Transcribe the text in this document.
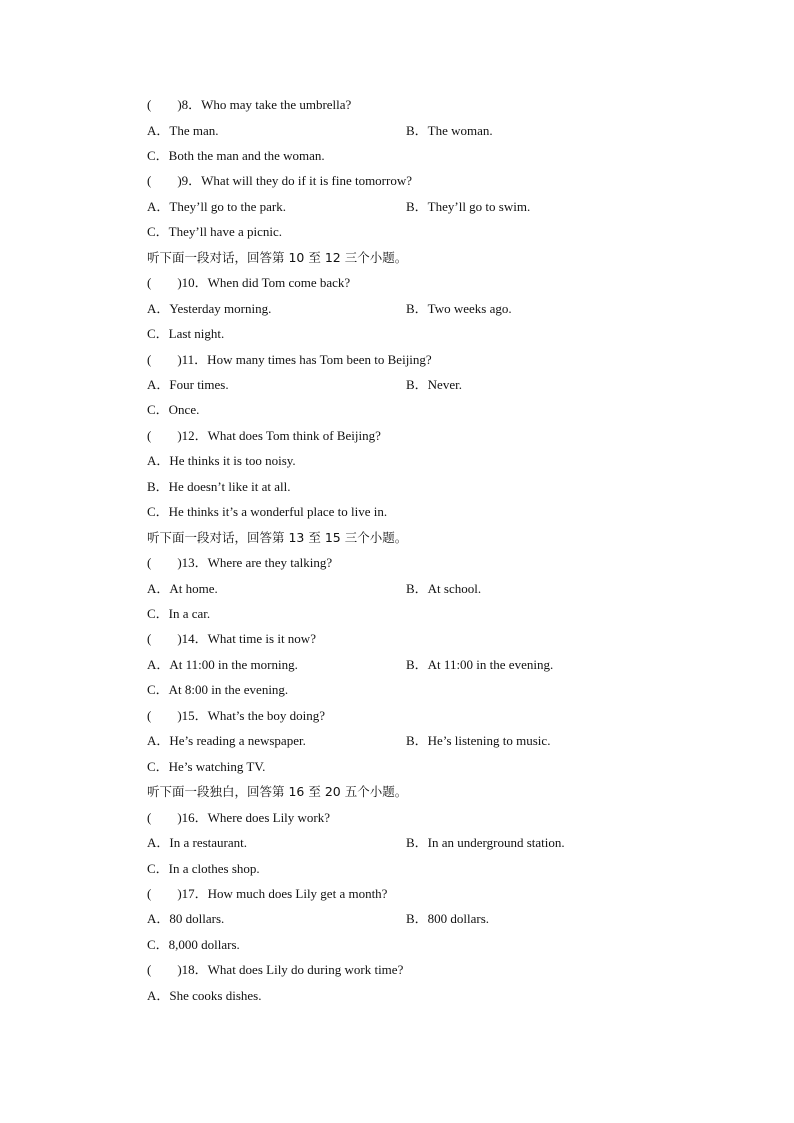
(　　)8．Who may take the umbrella?
A．The man.	B．The woman.
C．Both the man and the woman.
(　　)9．What will they do if it is fine tomorrow?
A．They’ll go to the park.	B．They’ll go to swim.
C．They’ll have a picnic.
听下面一段对话，回答第 10 至 12 三个小题。
(　　)10．When did Tom come back?
A．Yesterday morning.	B．Two weeks ago.
C．Last night.
(　　)11．How many times has Tom been to Beijing?
A．Four times.	B．Never.
C．Once.
(　　)12．What does Tom think of Beijing?
A．He thinks it is too noisy.
B．He doesn’t like it at all.
C．He thinks it’s a wonderful place to live in.
听下面一段对话，回答第 13 至 15 三个小题。
(　　)13．Where are they talking?
A．At home.	B．At school.
C．In a car.
(　　)14．What time is it now?
A．At 11:00 in the morning.	B．At 11:00 in the evening.
C．At 8:00 in the evening.
(　　)15．What’s the boy doing?
A．He’s reading a newspaper.	B．He’s listening to music.
C．He’s watching TV.
听下面一段独白，回答第 16 至 20 五个小题。
(　　)16．Where does Lily work?
A．In a restaurant.	B．In an underground station.
C．In a clothes shop.
(　　)17．How much does Lily get a month?
A．80 dollars.	B．800 dollars.
C．8,000 dollars.
(　　)18．What does Lily do during work time?
A．She cooks dishes.
